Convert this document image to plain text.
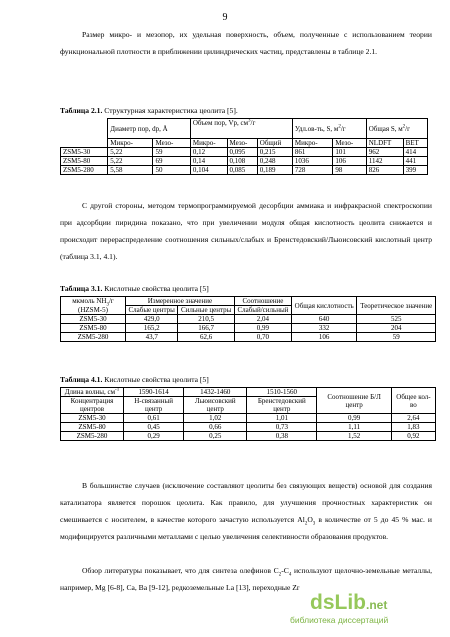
9
Размер микро- и мезопор, их удельная поверхность, объем, полученные с использованием теории функциональной плотности в приближении цилиндрических частиц, представлены в таблице 2.1.
Таблица 2.1. Структурная характеристика цеолита [5].
	Диаметр пор, dp, Å		Объем пор, Vp, $см^3/г$			Удл.ов-ть, S, $м^2/г$		Общая S, $м^2/г$	
	Микро-	Мезо-	Микро-	Мезо-	Общий	Микро-	Мезо-	NLDFT	BET
ZSM5-30	5,22	59	0,12	0,095	0,215	861	101	962	414
ZSM5-80	5,22	69	0,14	0,108	0,248	1036	106	1142	441
ZSM5-280	5,58	50	0,104	0,085	0,189	728	98	826	399
С другой стороны, методом термопрограммируемой десорбции аммиака и инфракрасной спектроскопии при адсорбции пиридина показано, что при увеличении модуля общая кислотность цеолита снижается и происходит перераспределение соотношения сильных/слабых и Бренстедовский/Льюисовский кислотный центр (таблица 3.1, 4.1).
Таблица 3.1. Кислотные свойства цеолита [5]
мкмоль $NH_3/г$
(HZSM-5)	Измеренное значение		Соотношение	Общая кислотность	Теоретическое значение
	Слабые центры	Сильные центры	Слабый/сильный		
ZSM5-30	429,0	210,5	2,04	640	525
ZSM5-80	165,2	166,7	0,99	332	204
ZSM5-280	43,7	62,6	0,70	106	59
Таблица 4.1. Кислотные свойства цеолита [5]
Длина волны, $см^{-1}$	1590-1614	1432-1460	1510-1560	Соотношение Б/Л центр	Общее кол-во
Концентрация центров	Н-связанный центр	Льюисовский центр	Бренстедовский центр		
ZSM5-30	0,61	1,02	1,01	0,99	2,64
ZSM5-80	0,45	0,66	0,73	1,11	1,83
ZSM5-280	0,29	0,25	0,38	1,52	0,92
В большинстве случаев (исключение составляют цеолиты без связующих веществ) основой для создания катализатора является порошок цеолита. Как правило, для улучшения прочностных характеристик он смешивается с носителем, в качестве которого зачастую используется $Al_2O_3$ в количестве от 5 до 45 % мас. и модифицируется различными металлами с целью увеличения селективности образования продуктов.
Обзор литературы показывает, что для синтеза олефинов $C_2-C_4$ используют щелочно-земельные металлы, например, Mg [6-8], Ca, Ba [9-12], редкоземельные La [13], переходные Zr
dsLib.net
библиотека диссертаций
